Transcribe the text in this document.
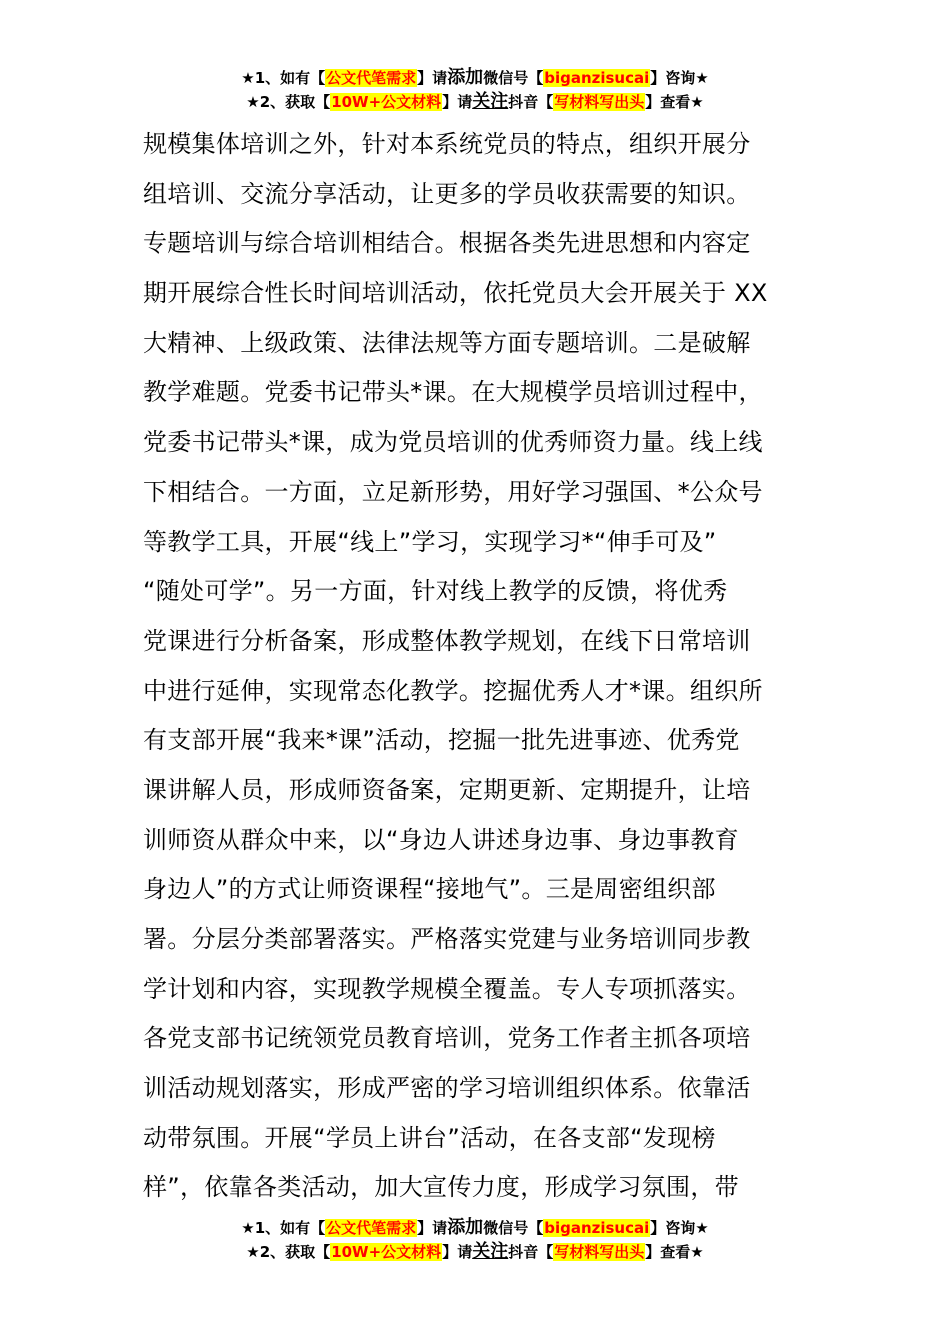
★1、如有【公文代笔需求】请添加微信号【biganzisucai】咨询★
★2、获取【10W+公文材料】请关注抖音【写材料写出头】查看★
规模集体培训之外，针对本系统党员的特点，组织开展分
组培训、交流分享活动，让更多的学员收获需要的知识。
专题培训与综合培训相结合。根据各类先进思想和内容定
期开展综合性长时间培训活动，依托党员大会开展关于 XX
大精神、上级政策、法律法规等方面专题培训。二是破解
教学难题。党委书记带头*课。在大规模学员培训过程中，
党委书记带头*课，成为党员培训的优秀师资力量。线上线
下相结合。一方面，立足新形势，用好学习强国、*公众号
等教学工具，开展“线上”学习，实现学习*“伸手可及”
“随处可学”。另一方面，针对线上教学的反馈，将优秀
党课进行分析备案，形成整体教学规划，在线下日常培训
中进行延伸，实现常态化教学。挖掘优秀人才*课。组织所
有支部开展“我来*课”活动，挖掘一批先进事迹、优秀党
课讲解人员，形成师资备案，定期更新、定期提升，让培
训师资从群众中来，以“身边人讲述身边事、身边事教育
身边人”的方式让师资课程“接地气”。三是周密组织部
署。分层分类部署落实。严格落实党建与业务培训同步教
学计划和内容，实现教学规模全覆盖。专人专项抓落实。
各党支部书记统领党员教育培训，党务工作者主抓各项培
训活动规划落实，形成严密的学习培训组织体系。依靠活
动带氛围。开展“学员上讲台”活动，在各支部“发现榜
样”，依靠各类活动，加大宣传力度，形成学习氛围，带
★1、如有【公文代笔需求】请添加微信号【biganzisucai】咨询★
★2、获取【10W+公文材料】请关注抖音【写材料写出头】查看★
